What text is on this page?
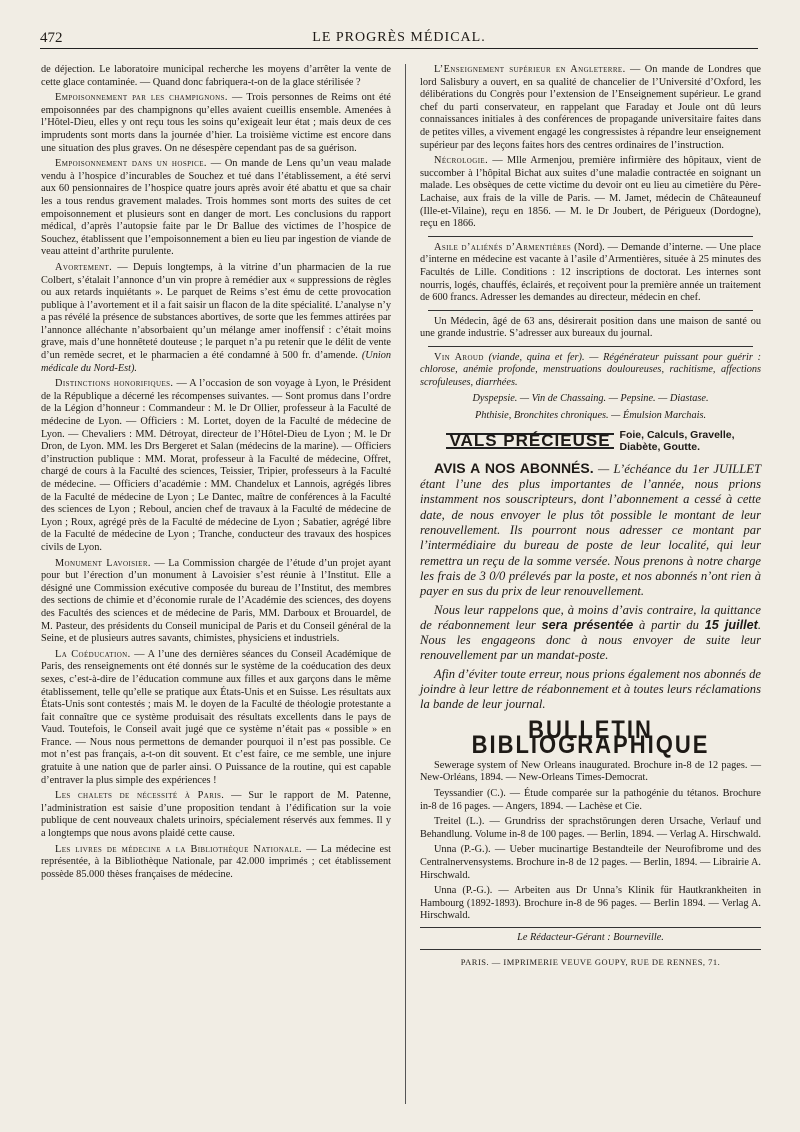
472	LE PROGRÈS MÉDICAL.

de déjection. Le laboratoire municipal recherche les moyens d’arrêter la vente de cette glace contaminée. — Quand donc fabriquera-t-on de la glace stérilisée ?

Empoisonnement par les champignons. — Trois personnes de Reims ont été empoisonnées par des champignons qu’elles avaient cueillis ensemble. Amenées à l’Hôtel-Dieu, elles y ont reçu tous les soins qu’exigeait leur état ; mais deux de ces imprudents sont morts dans la journée d’hier. La troisième victime est encore dans une situation des plus graves. On ne désespère cependant pas de sa guérison.

Empoisonnement dans un hospice. — On mande de Lens qu’un veau malade vendu à l’hospice d’incurables de Souchez et tué dans l’établissement, a été servi aux 60 pensionnaires de l’hospice quatre jours après avoir été abattu et que sa chair les a tous rendus gravement malades. Trois hommes sont morts des suites de cet empoisonnement et plusieurs sont en danger de mort. Les conclusions du rapport médical, d’après l’autopsie faite par le Dr Ballue des victimes de l’hospice de Souchez, établissent que l’empoisonnement a bien eu lieu par ingestion de viande de veau atteint d’arthrite purulente.

Avortement. — Depuis longtemps, à la vitrine d’un pharmacien de la rue Colbert, s’étalait l’annonce d’un vin propre à remédier aux « suppressions de règles ou aux retards inquiétants ». Le parquet de Reims s’est ému de cette provocation publique à l’avortement et il a fait saisir un flacon de la dite spécialité. L’analyse n’y a pas révélé la présence de substances abortives, de sorte que les femmes attirées par l’annonce alléchante n’absorbaient qu’un mélange amer inoffensif : c’était moins grave, mais d’une honnêteté douteuse ; le parquet n’a pu retenir que le délit de vente d’un remède secret, et le pharmacien a été condamné à 500 fr. d’amende. (Union médicale du Nord-Est).

Distinctions honorifiques. — A l’occasion de son voyage à Lyon, le Président de la République a décerné les récompenses suivantes. — Sont promus dans l’ordre de la Légion d’honneur : Commandeur : M. le Dr Ollier, professeur à la Faculté de médecine de Lyon. — Officiers : M. Lortet, doyen de la Faculté de médecine de Lyon. — Chevaliers : MM. Détroyat, directeur de l’Hôtel-Dieu de Lyon ; M. le Dr Dron, de Lyon. MM. les Drs Bergeret et Salan (médecins de la marine). — Officiers d’instruction publique : MM. Morat, professeur à la Faculté de médecine, Offret, chargé de cours à la Faculté des sciences, Teissier, Tripier, professeurs à la Faculté de médecine. — Officiers d’académie : MM. Chandelux et Lannois, agrégés libres de la Faculté de médecine de Lyon ; Le Dantec, maître de conférences à la Faculté des sciences de Lyon ; Reboul, ancien chef de travaux à la Faculté de médecine de Lyon ; Roux, agrégé près de la Faculté de médecine de Lyon ; Sabatier, agrégé libre de la Faculté de médecine de Lyon ; Tranche, conducteur des travaux des hospices civils de Lyon.

Monument Lavoisier. — La Commission chargée de l’étude d’un projet ayant pour but l’érection d’un monument à Lavoisier s’est réunie à l’Institut. Elle a désigné une Commission exécutive composée du bureau de l’Institut, des membres des sections de chimie et d’économie rurale de l’Académie des sciences, des doyens des Facultés des sciences et de médecine de Paris, MM. Darboux et Brouardel, de M. Pasteur, des présidents du Conseil municipal de Paris et du Conseil général de la Seine, et de plusieurs autres savants, chimistes, physiciens et industriels.

La Coéducation. — A l’une des dernières séances du Conseil Académique de Paris, des renseignements ont été donnés sur le système de la coéducation des deux sexes, c’est-à-dire de l’éducation commune aux filles et aux garçons dans le même établissement, telle qu’elle se pratique aux États-Unis et en Suisse. Les résultats aux États-Unis sont contestés ; mais M. le doyen de la Faculté de théologie protestante a fait connaître que ce système produisait des résultats excellents dans le pays de Vaud. Toutefois, le Conseil avait jugé que ce système n’était pas « possible » en France. — Nous nous permettons de demander pourquoi il n’est pas possible. Ce mot n’est pas français, a-t-on dit souvent. Et c’est faire, ce me semble, une injure gratuite à une nation que de parler ainsi. O Puissance de la routine, qui est capable d’entraver la plus simple des expériences !

Les chalets de nécessité à Paris. — Sur le rapport de M. Patenne, l’administration est saisie d’une proposition tendant à l’édification sur la voie publique de cent nouveaux chalets urinoirs, spécialement réservés aux femmes. Il y a longtemps que nous avons plaidé cette cause.

Les livres de médecine a la Bibliothèque Nationale. — La médecine est représentée, à la Bibliothèque Nationale, par 42.000 imprimés ; cet établissement possède 85.000 thèses françaises de médecine.

L’Enseignement supérieur en Angleterre. — On mande de Londres que lord Salisbury a ouvert, en sa qualité de chancelier de l’Université d’Oxford, les délibérations du Congrès pour l’extension de l’Enseignement supérieur. Le grand chef du parti conservateur, en rappelant que Faraday et Joule ont dû leurs connaissances initiales à des conférences de propagande universitaire faites dans de petites villes, a vivement engagé les congressistes à répandre leur enseignement supérieur par des leçons faites hors des centres ordinaires de l’instruction.

Nécrologie. — Mlle Armenjou, première infirmière des hôpitaux, vient de succomber à l’hôpital Bichat aux suites d’une maladie contractée en soignant un malade. Les obsèques de cette victime du devoir ont eu lieu au cimetière du Père-Lachaise, aux frais de la ville de Paris. — M. Jamet, médecin de Châteauneuf (Ille-et-Vilaine), reçu en 1856. — M. le Dr Joubert, de Périgueux (Dordogne), reçu en 1866.

Asile d’aliénés d’Armentières (Nord). — Demande d’interne. — Une place d’interne en médecine est vacante à l’asile d’Armentières, située à 25 minutes des Facultés de Lille. Conditions : 12 inscriptions de doctorat. Les internes sont nourris, logés, chauffés, éclairés, et reçoivent pour la première année un traitement de 600 francs. Adresser les demandes au directeur, médecin en chef.

Un Médecin, âgé de 63 ans, désirerait position dans une maison de santé ou une grande industrie. S’adresser aux bureaux du journal.

Vin Aroud (viande, quina et fer). — Régénérateur puissant pour guérir : chlorose, anémie profonde, menstruations douloureuses, rachitisme, affections scrofuleuses, diarrhées.

Dyspepsie. — Vin de Chassaing. — Pepsine. — Diastase.

Phthisie, Bronchites chroniques. — Émulsion Marchais.

VALS PRÉCIEUSE Foie, Calculs, Gravelle,
Diabète, Goutte.

AVIS A NOS ABONNÉS. — L’échéance du 1er JUILLET étant l’une des plus importantes de l’année, nous prions instamment nos souscripteurs, dont l’abonnement a cessé à cette date, de nous envoyer le plus tôt possible le montant de leur renouvellement. Ils pourront nous adresser ce montant par l’intermédiaire du bureau de poste de leur localité, qui leur remettra un reçu de la somme versée. Nous prenons à notre charge les frais de 3 0/0 prélevés par la poste, et nos abonnés n’ont rien à payer en sus du prix de leur renouvellement.

Nous leur rappelons que, à moins d’avis contraire, la quittance de réabonnement leur sera présentée à partir du 15 juillet. Nous les engageons donc à nous envoyer de suite leur renouvellement par un mandat-poste.

Afin d’éviter toute erreur, nous prions également nos abonnés de joindre à leur lettre de réabonnement et à toutes leurs réclamations la bande de leur journal.

BULLETIN BIBLIOGRAPHIQUE

Sewerage system of New Orleans inaugurated. Brochure in-8 de 12 pages. — New-Orléans, 1894. — New-Orleans Times-Democrat.

Teyssandier (C.). — Étude comparée sur la pathogénie du tétanos. Brochure in-8 de 16 pages. — Angers, 1894. — Lachèse et Cie.

Treitel (L.). — Grundriss der sprachstörungen deren Ursache, Verlauf und Behandlung. Volume in-8 de 100 pages. — Berlin, 1894. — Verlag A. Hirschwald.

Unna (P.-G.). — Ueber mucinartige Bestandteile der Neurofibrome und des Centralnervensystems. Brochure in-8 de 12 pages. — Berlin, 1894. — Librairie A. Hirschwald.

Unna (P.-G.). — Arbeiten aus Dr Unna’s Klinik für Hautkrankheiten in Hambourg (1892-1893). Brochure in-8 de 96 pages. — Berlin 1894. — Verlag A. Hirschwald.

Le Rédacteur-Gérant : Bourneville.

PARIS. — IMPRIMERIE VEUVE GOUPY, RUE DE RENNES, 71.
